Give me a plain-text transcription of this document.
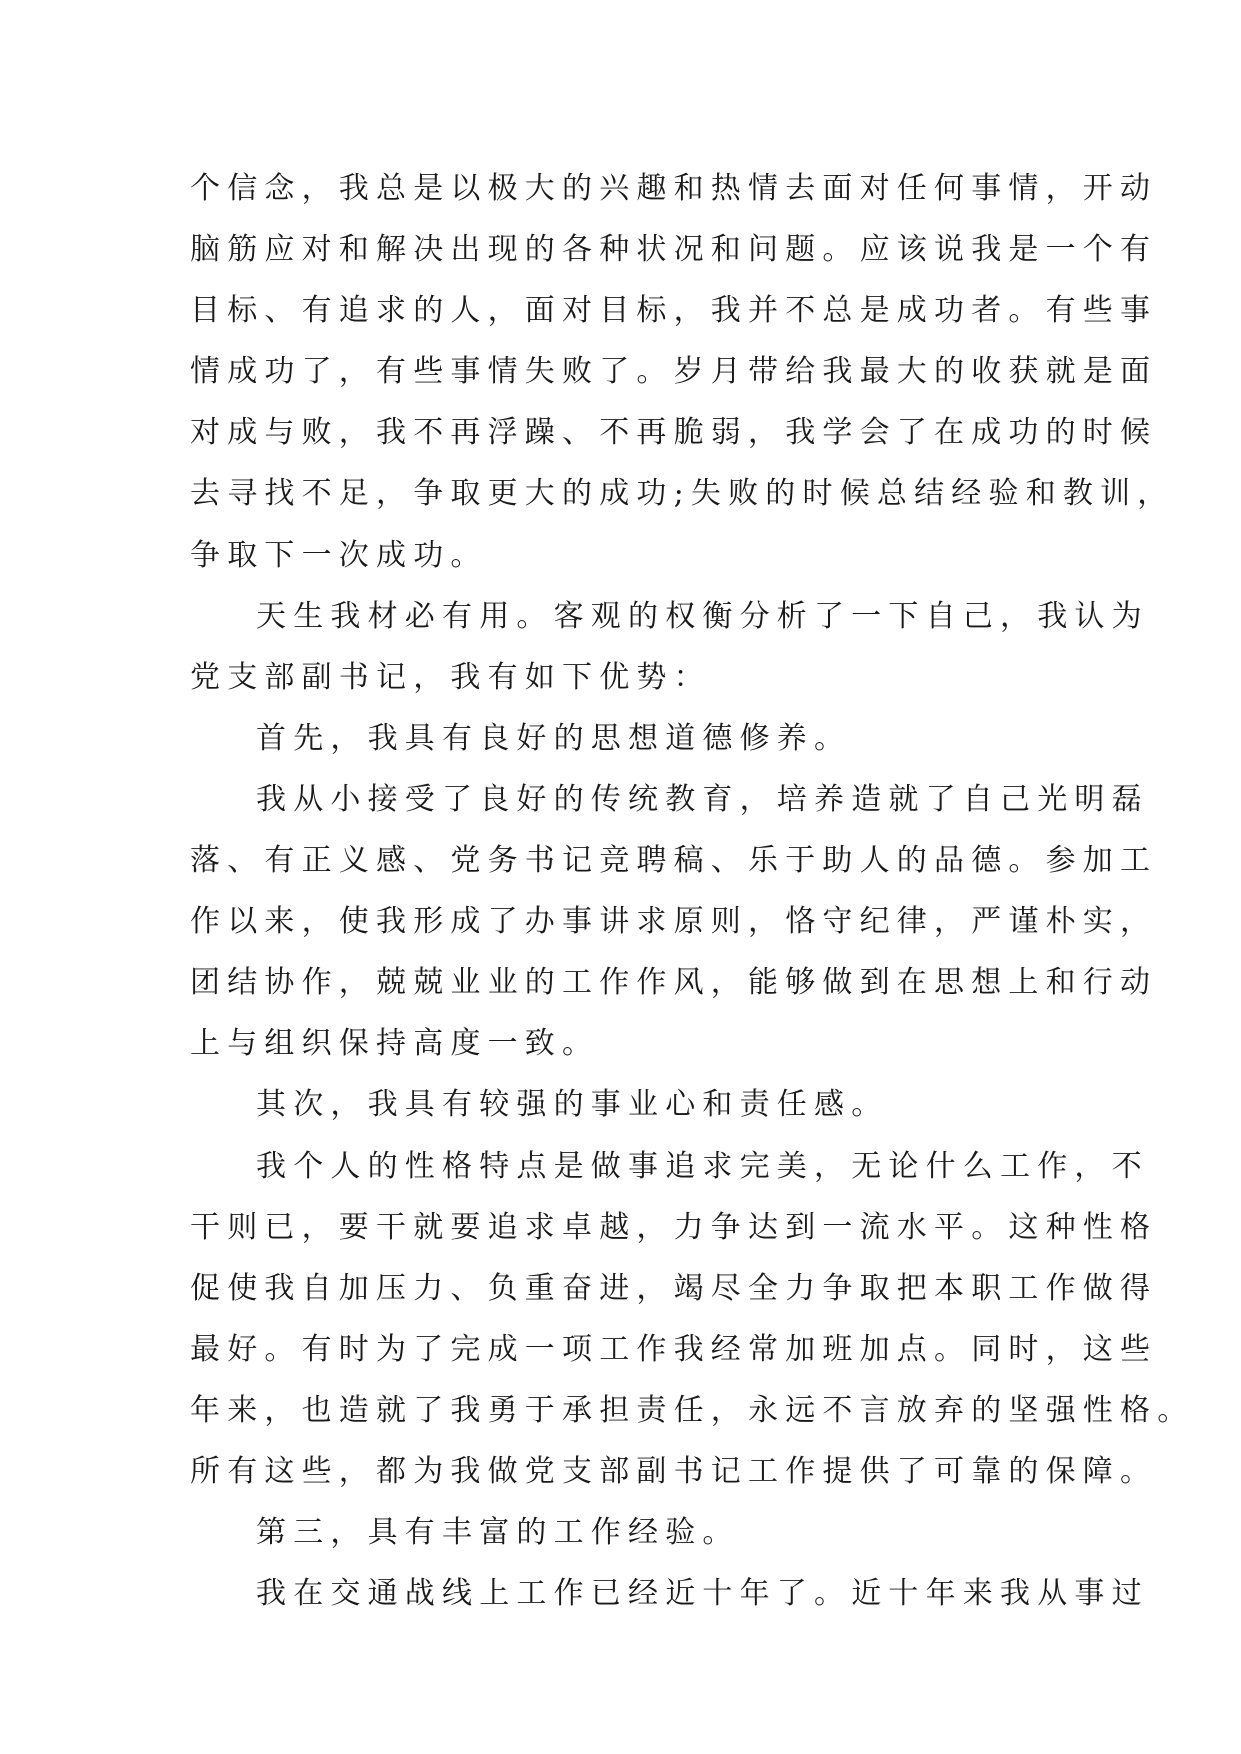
个信念，我总是以极大的兴趣和热情去面对任何事情，开动
脑筋应对和解决出现的各种状况和问题。应该说我是一个有
目标、有追求的人，面对目标，我并不总是成功者。有些事
情成功了，有些事情失败了。岁月带给我最大的收获就是面
对成与败，我不再浮躁、不再脆弱，我学会了在成功的时候
去寻找不足，争取更大的成功;失败的时候总结经验和教训，
争取下一次成功。
天生我材必有用。客观的权衡分析了一下自己，我认为
党支部副书记，我有如下优势：
首先，我具有良好的思想道德修养。
我从小接受了良好的传统教育，培养造就了自己光明磊
落、有正义感、党务书记竞聘稿、乐于助人的品德。参加工
作以来，使我形成了办事讲求原则，恪守纪律，严谨朴实，
团结协作，兢兢业业的工作作风，能够做到在思想上和行动
上与组织保持高度一致。
其次，我具有较强的事业心和责任感。
我个人的性格特点是做事追求完美，无论什么工作，不
干则已，要干就要追求卓越，力争达到一流水平。这种性格
促使我自加压力、负重奋进，竭尽全力争取把本职工作做得
最好。有时为了完成一项工作我经常加班加点。同时，这些
年来，也造就了我勇于承担责任，永远不言放弃的坚强性格。
所有这些，都为我做党支部副书记工作提供了可靠的保障。
第三，具有丰富的工作经验。
我在交通战线上工作已经近十年了。近十年来我从事过
